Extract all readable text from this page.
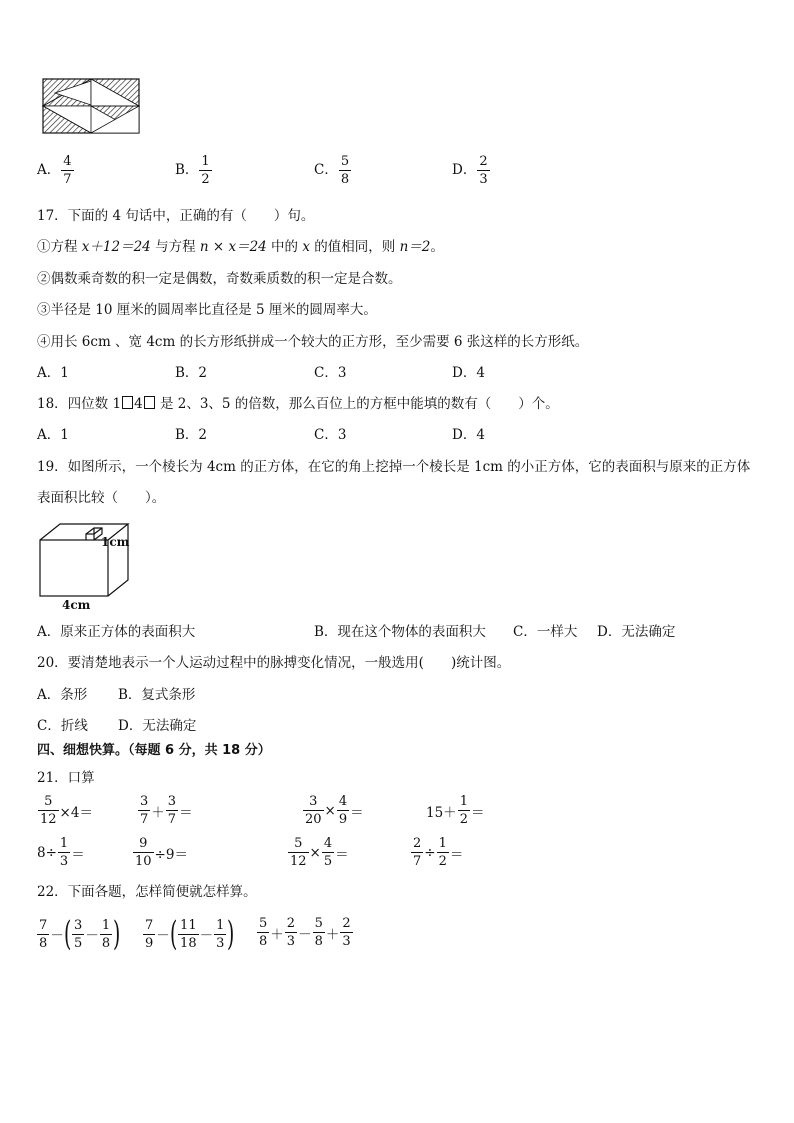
A． $\frac{4}{7}$	B． $\frac{1}{2}$	C． $\frac{5}{8}$	D． $\frac{2}{3}$
17．下面的 4 句话中，正确的有（　　）句。
①方程 x＋12＝24 与方程 n × x＝24 中的 x 的值相同，则 n＝2。
②偶数乘奇数的积一定是偶数，奇数乘质数的积一定是合数。
③半径是 10 厘米的圆周率比直径是 5 厘米的圆周率大。
④用长 6cm 、宽 4cm 的长方形纸拼成一个较大的正方形，至少需要 6 张这样的长方形纸。
A．1	B．2	C．3	D．4
18．四位数 1 4 是 2、3、5 的倍数，那么百位上的方框中能填的数有（　　）个。
A．1	B．2	C．3	D．4
19．如图所示，一个棱长为 4cm 的正方体，在它的角上挖掉一个棱长是 1cm 的小正方体，它的表面积与原来的正方体
表面积比较（　　）。
1cm
4cm
A．原来正方体的表面积大	B．现在这个物体的表面积大 C．一样大 D．无法确定
20．要清楚地表示一个人运动过程中的脉搏变化情况，一般选用(　　)统计图。
A．条形 B．复式条形
C．折线 D．无法确定
四、细想快算。（每题 6 分，共 18 分）
21．口算
$\frac{5}{12} \times 4=$	$\frac{3}{7} + \frac{3}{7}$ ＝	$\frac{3}{20} \times \frac{4}{9}$ ＝	$15+ \frac{1}{2}$ ＝
$8\div \frac{1}{3}$ ＝	$\frac{9}{10} \div 9=$	$\frac{5}{12} \times \frac{4}{5}$ ＝	$\frac{2}{7} \div \frac{1}{2}$ ＝
22．下面各题，怎样简便就怎样算。
$\frac{7}{8}$ － ( $\frac{3}{5} - \frac{1}{8}$ ) $\frac{7}{9}$ － ( $\frac{11}{18} - \frac{1}{3}$ ) $\frac{5}{8} + \frac{2}{3} - \frac{5}{8} + \frac{2}{3}$
